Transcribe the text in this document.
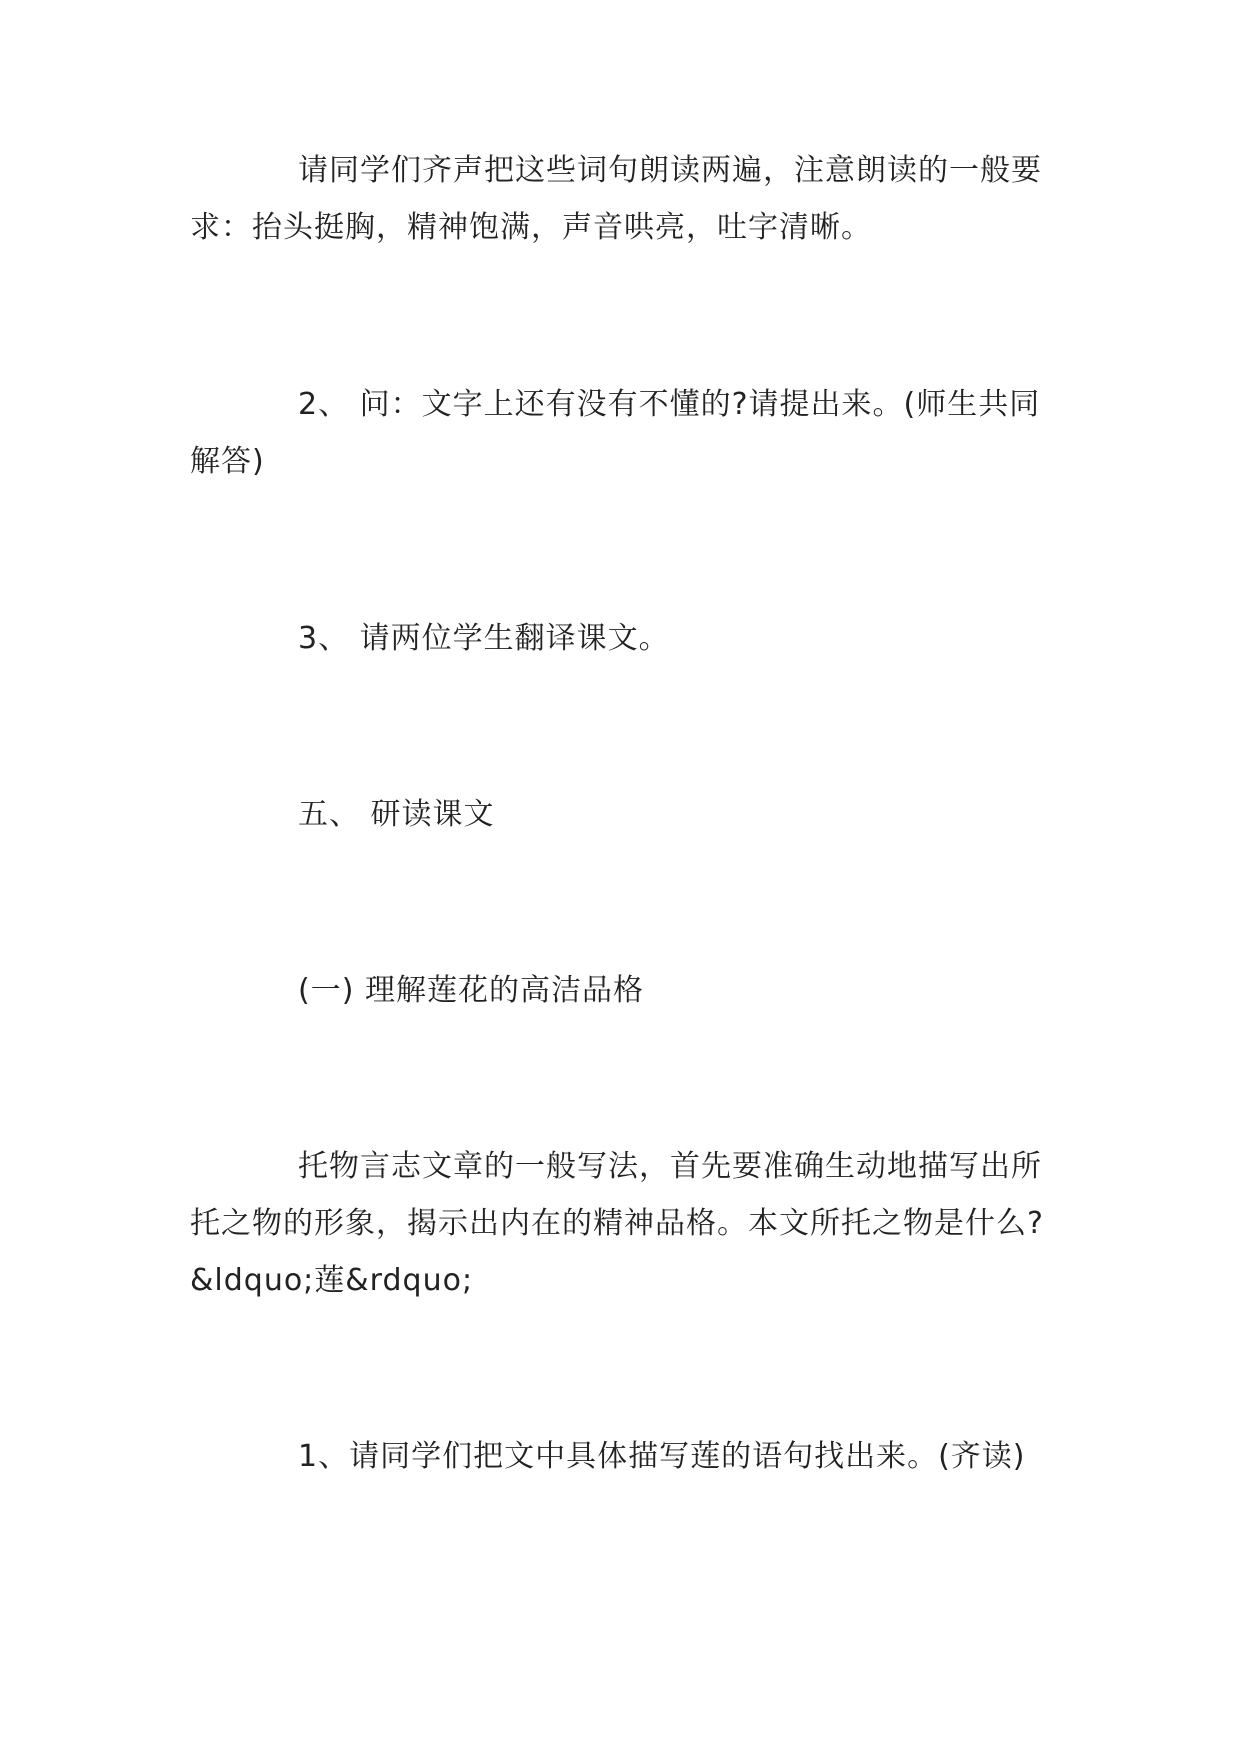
请同学们齐声把这些词句朗读两遍，注意朗读的一般要求：抬头挺胸，精神饱满，声音哄亮，吐字清晰。

2、 问：文字上还有没有不懂的?请提出来。(师生共同解答)

3、 请两位学生翻译课文。

五、 研读课文

(一) 理解莲花的高洁品格

托物言志文章的一般写法，首先要准确生动地描写出所托之物的形象，揭示出内在的精神品格。本文所托之物是什么?&ldquo;莲&rdquo;

1、请同学们把文中具体描写莲的语句找出来。(齐读)
